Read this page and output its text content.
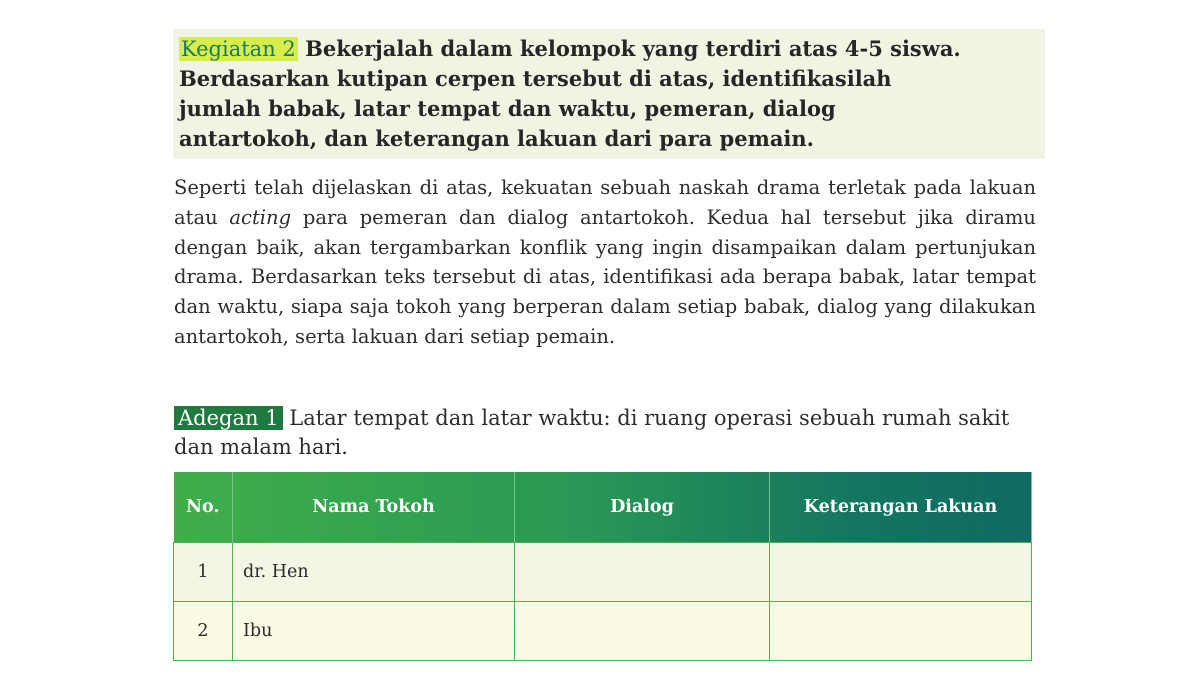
Kegiatan 2 Bekerjalah dalam kelompok yang terdiri atas 4-5 siswa.
Berdasarkan kutipan cerpen tersebut di atas, identifikasilah
jumlah babak, latar tempat dan waktu, pemeran, dialog
antartokoh, dan keterangan lakuan dari para pemain.

Seperti telah dijelaskan di atas, kekuatan sebuah naskah drama terletak pada lakuan atau acting para pemeran dan dialog antartokoh. Kedua hal tersebut jika diramu dengan baik, akan tergambarkan konflik yang ingin disampaikan dalam pertunjukan drama. Berdasarkan teks tersebut di atas, identifikasi ada berapa babak, latar tempat dan waktu, siapa saja tokoh yang berperan dalam setiap babak, dialog yang dilakukan antartokoh, serta lakuan dari setiap pemain.

Adegan 1 Latar tempat dan latar waktu: di ruang operasi sebuah rumah sakit dan malam hari.

No.	Nama Tokoh	Dialog	Keterangan Lakuan
1	dr. Hen		
2	Ibu		
